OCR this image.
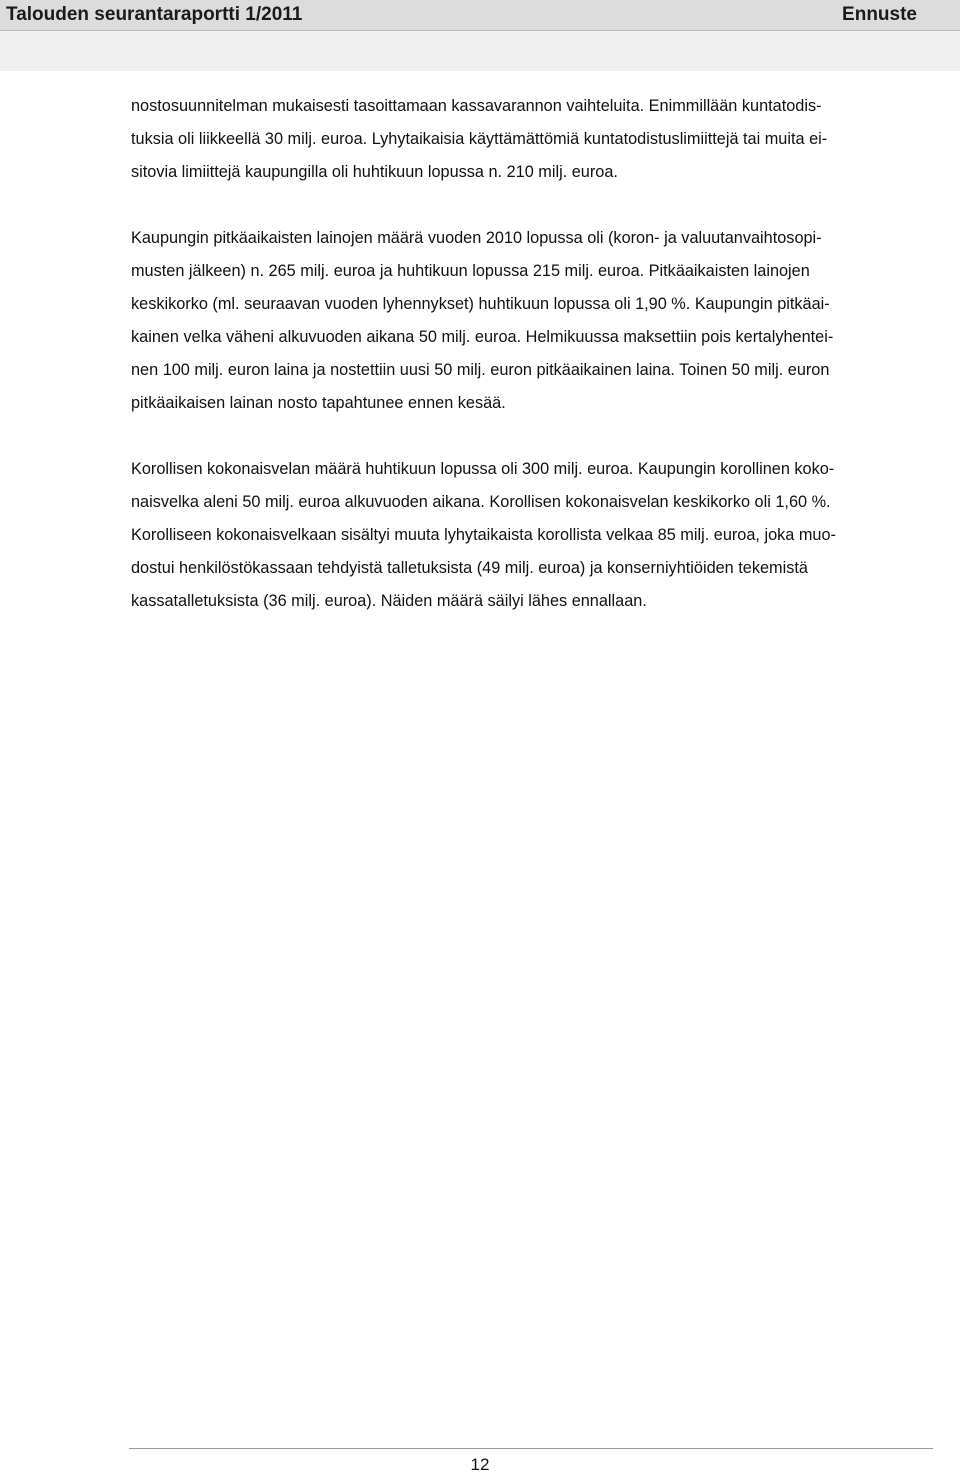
Talouden seurantaraportti 1/2011	Ennuste

nostosuunnitelman mukaisesti tasoittamaan kassavarannon vaihteluita. Enimmillään kuntatodis-
tuksia oli liikkeellä 30 milj. euroa. Lyhytaikaisia käyttämättömiä kuntatodistuslimiittejä tai muita ei-
sitovia limiittejä kaupungilla oli huhtikuun lopussa n. 210 milj. euroa.

Kaupungin pitkäaikaisten lainojen määrä vuoden 2010 lopussa oli (koron- ja valuutanvaihtosopi-
musten jälkeen) n. 265 milj. euroa ja huhtikuun lopussa 215 milj. euroa. Pitkäaikaisten lainojen
keskikorko (ml. seuraavan vuoden lyhennykset) huhtikuun lopussa oli 1,90 %. Kaupungin pitkäai-
kainen velka väheni alkuvuoden aikana 50 milj. euroa. Helmikuussa maksettiin pois kertalyhentei-
nen 100 milj. euron laina ja nostettiin uusi 50 milj. euron pitkäaikainen laina. Toinen 50 milj. euron
pitkäaikaisen lainan nosto tapahtunee ennen kesää.

Korollisen kokonaisvelan määrä huhtikuun lopussa oli 300 milj. euroa. Kaupungin korollinen koko-
naisvelka aleni 50 milj. euroa alkuvuoden aikana. Korollisen kokonaisvelan keskikorko oli 1,60 %.
Korolliseen kokonaisvelkaan sisältyi muuta lyhytaikaista korollista velkaa 85 milj. euroa, joka muo-
dostui henkilöstökassaan tehdyistä talletuksista (49 milj. euroa) ja konserniyhtiöiden tekemistä
kassatalletuksista (36 milj. euroa). Näiden määrä säilyi lähes ennallaan.

12
